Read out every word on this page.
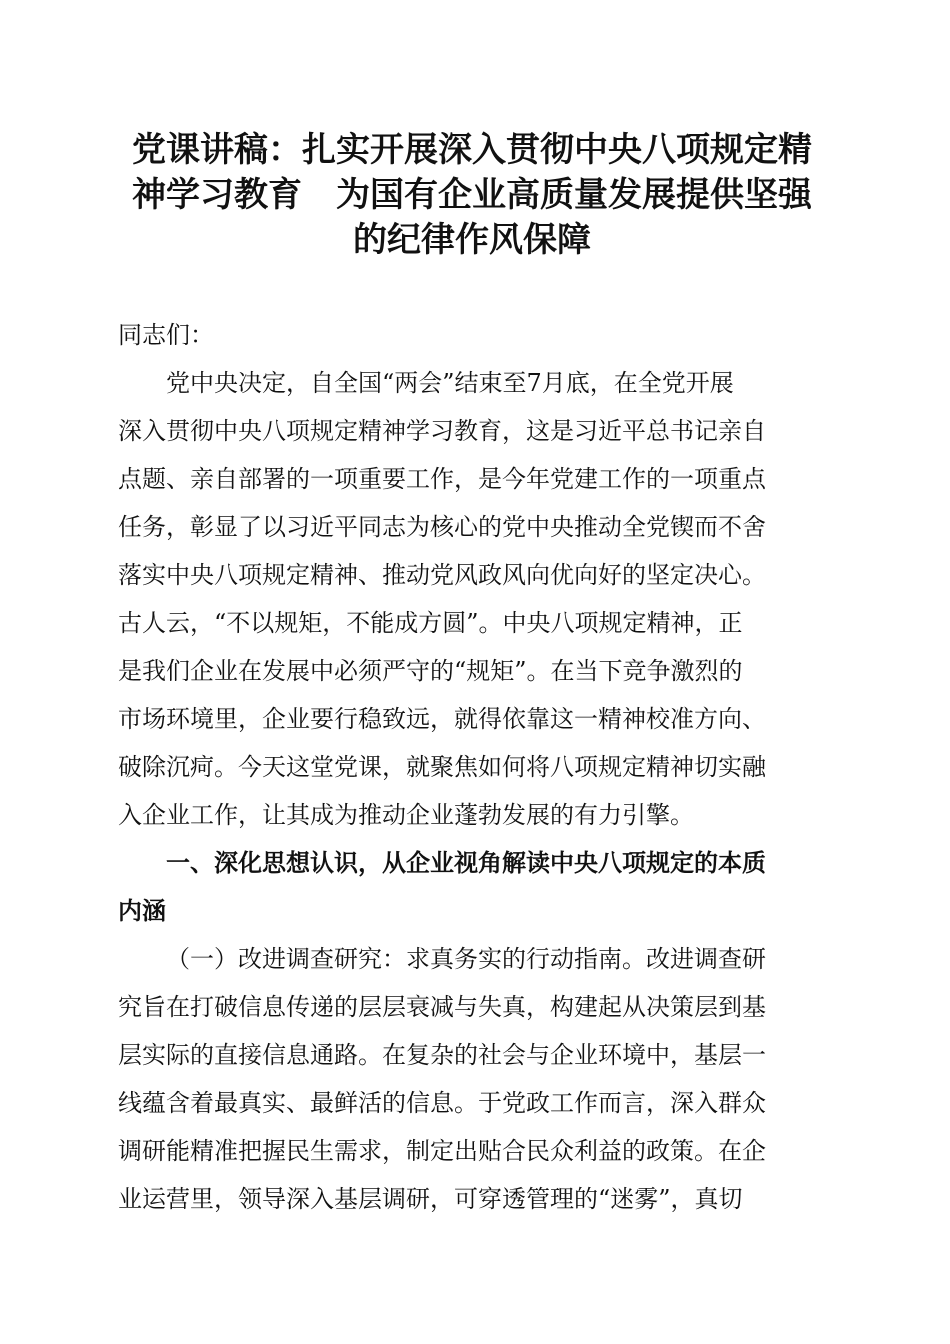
党课讲稿：扎实开展深入贯彻中央八项规定精
神学习教育　为国有企业高质量发展提供坚强
的纪律作风保障

同志们：

党中央决定，自全国“两会”结束至7月底，在全党开展
深入贯彻中央八项规定精神学习教育，这是习近平总书记亲自
点题、亲自部署的一项重要工作，是今年党建工作的一项重点
任务，彰显了以习近平同志为核心的党中央推动全党锲而不舍
落实中央八项规定精神、推动党风政风向优向好的坚定决心。
古人云，“不以规矩，不能成方圆”。中央八项规定精神，正
是我们企业在发展中必须严守的“规矩”。在当下竞争激烈的
市场环境里，企业要行稳致远，就得依靠这一精神校准方向、
破除沉疴。今天这堂党课，就聚焦如何将八项规定精神切实融
入企业工作，让其成为推动企业蓬勃发展的有力引擎。
一、深化思想认识，从企业视角解读中央八项规定的本质
内涵
（一）改进调查研究：求真务实的行动指南。改进调查研
究旨在打破信息传递的层层衰减与失真，构建起从决策层到基
层实际的直接信息通路。在复杂的社会与企业环境中，基层一
线蕴含着最真实、最鲜活的信息。于党政工作而言，深入群众
调研能精准把握民生需求，制定出贴合民众利益的政策。在企
业运营里，领导深入基层调研，可穿透管理的“迷雾”，真切
